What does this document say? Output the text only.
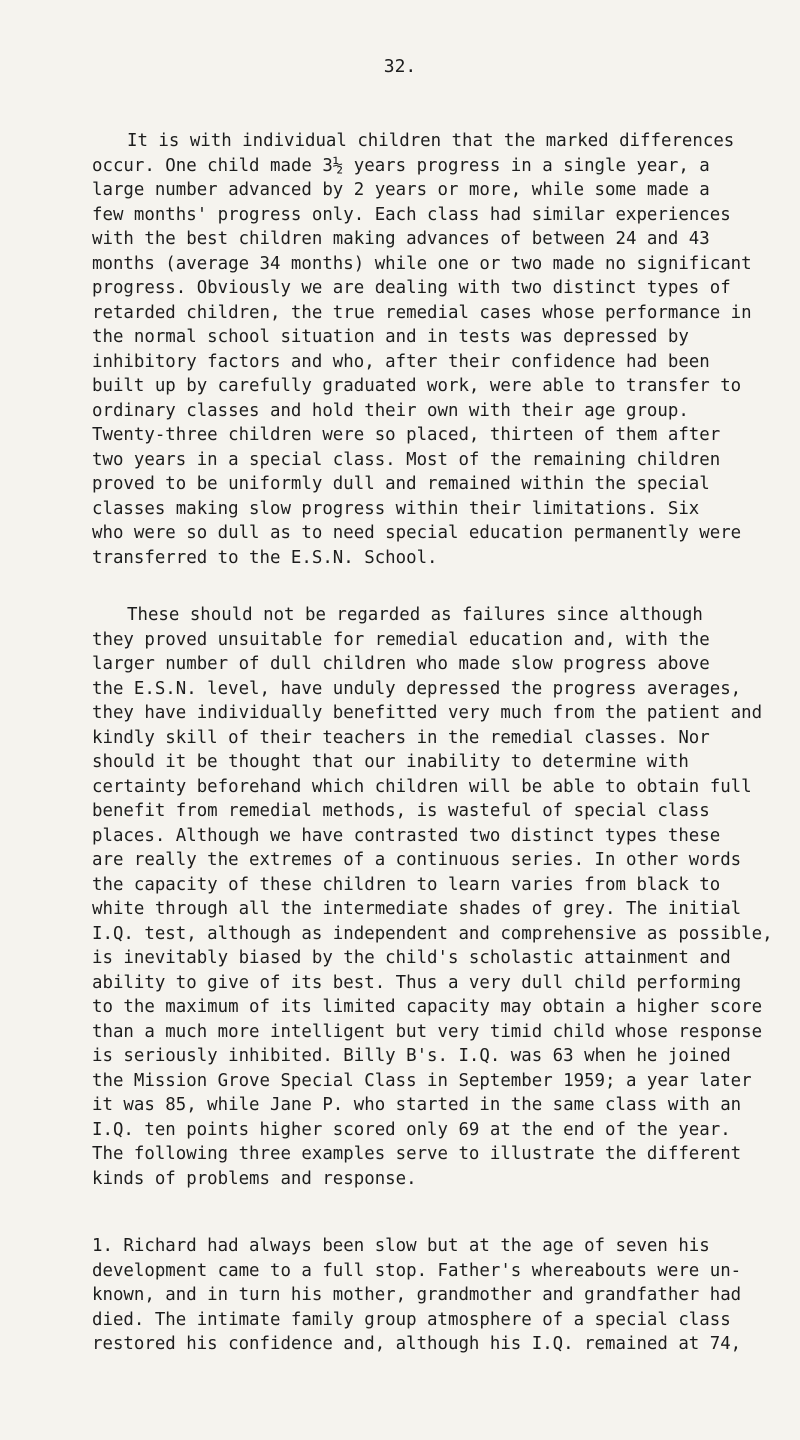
32.
It is with individual children that the marked differences
occur. One child made 3½ years progress in a single year, a
large number advanced by 2 years or more, while some made a
few months' progress only. Each class had similar experiences
with the best children making advances of between 24 and 43
months (average 34 months) while one or two made no significant
progress. Obviously we are dealing with two distinct types of
retarded children, the true remedial cases whose performance in
the normal school situation and in tests was depressed by
inhibitory factors and who, after their confidence had been
built up by carefully graduated work, were able to transfer to
ordinary classes and hold their own with their age group.
Twenty-three children were so placed, thirteen of them after
two years in a special class. Most of the remaining children
proved to be uniformly dull and remained within the special
classes making slow progress within their limitations. Six
who were so dull as to need special education permanently were
transferred to the E.S.N. School.
These should not be regarded as failures since although
they proved unsuitable for remedial education and, with the
larger number of dull children who made slow progress above
the E.S.N. level, have unduly depressed the progress averages,
they have individually benefitted very much from the patient and
kindly skill of their teachers in the remedial classes. Nor
should it be thought that our inability to determine with
certainty beforehand which children will be able to obtain full
benefit from remedial methods, is wasteful of special class
places. Although we have contrasted two distinct types these
are really the extremes of a continuous series. In other words
the capacity of these children to learn varies from black to
white through all the intermediate shades of grey. The initial
I.Q. test, although as independent and comprehensive as possible,
is inevitably biased by the child's scholastic attainment and
ability to give of its best. Thus a very dull child performing
to the maximum of its limited capacity may obtain a higher score
than a much more intelligent but very timid child whose response
is seriously inhibited. Billy B's. I.Q. was 63 when he joined
the Mission Grove Special Class in September 1959; a year later
it was 85, while Jane P. who started in the same class with an
I.Q. ten points higher scored only 69 at the end of the year.
The following three examples serve to illustrate the different
kinds of problems and response.
1. Richard had always been slow but at the age of seven his
development came to a full stop. Father's whereabouts were un-
known, and in turn his mother, grandmother and grandfather had
died. The intimate family group atmosphere of a special class
restored his confidence and, although his I.Q. remained at 74,
